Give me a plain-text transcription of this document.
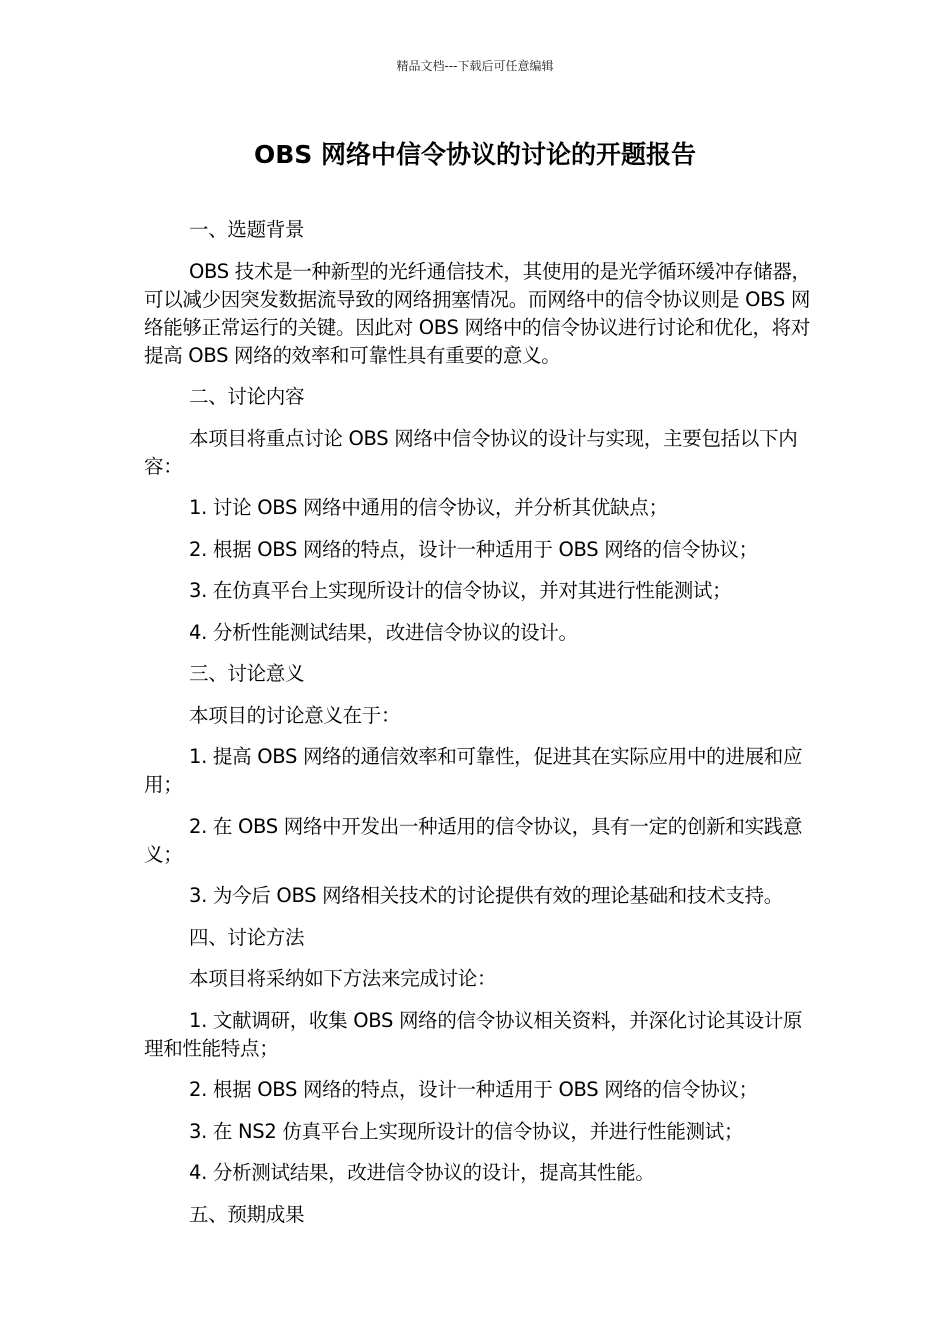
精品文档---下载后可任意编辑
OBS 网络中信令协议的讨论的开题报告

一、选题背景

OBS 技术是一种新型的光纤通信技术，其使用的是光学循环缓冲存储器，可以减少因突发数据流导致的网络拥塞情况。而网络中的信令协议则是 OBS 网络能够正常运行的关键。因此对 OBS 网络中的信令协议进行讨论和优化，将对提高 OBS 网络的效率和可靠性具有重要的意义。

二、讨论内容

本项目将重点讨论 OBS 网络中信令协议的设计与实现，主要包括以下内容：

1. 讨论 OBS 网络中通用的信令协议，并分析其优缺点；

2. 根据 OBS 网络的特点，设计一种适用于 OBS 网络的信令协议；

3. 在仿真平台上实现所设计的信令协议，并对其进行性能测试；

4. 分析性能测试结果，改进信令协议的设计。

三、讨论意义

本项目的讨论意义在于：

1. 提高 OBS 网络的通信效率和可靠性，促进其在实际应用中的进展和应用；

2. 在 OBS 网络中开发出一种适用的信令协议，具有一定的创新和实践意义；

3. 为今后 OBS 网络相关技术的讨论提供有效的理论基础和技术支持。

四、讨论方法

本项目将采纳如下方法来完成讨论：

1. 文献调研，收集 OBS 网络的信令协议相关资料，并深化讨论其设计原理和性能特点；

2. 根据 OBS 网络的特点，设计一种适用于 OBS 网络的信令协议；

3. 在 NS2 仿真平台上实现所设计的信令协议，并进行性能测试；

4. 分析测试结果，改进信令协议的设计，提高其性能。

五、预期成果
